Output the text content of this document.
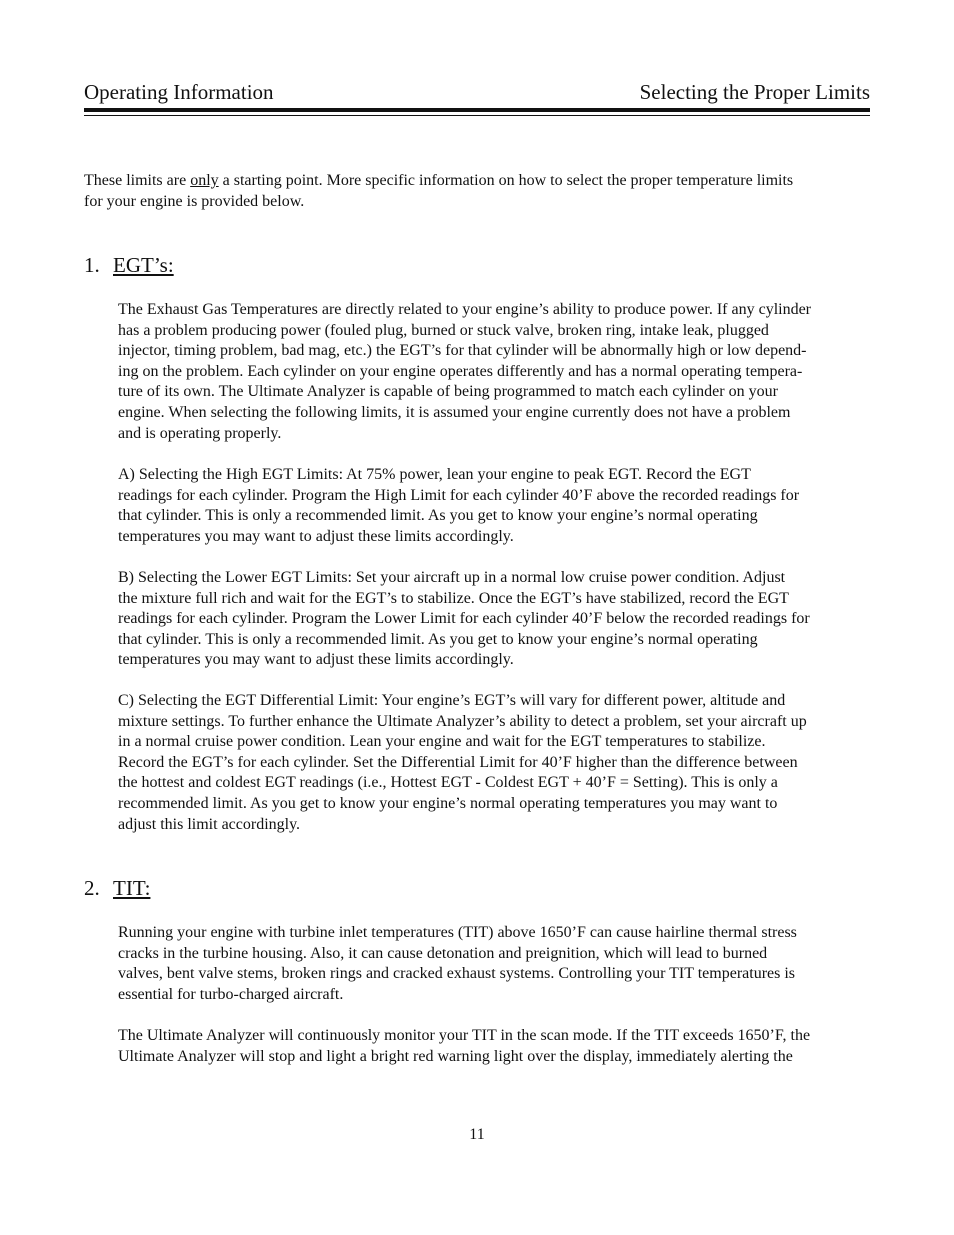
Operating Information	Selecting the Proper Limits
These limits are only a starting point. More specific information on how to select the proper temperature limits
for your engine is provided below.
1. EGT’s:
The Exhaust Gas Temperatures are directly related to your engine’s ability to produce power. If any cylinder
has a problem producing power (fouled plug, burned or stuck valve, broken ring, intake leak, plugged
injector, timing problem, bad mag, etc.) the EGT’s for that cylinder will be abnormally high or low depend-
ing on the problem. Each cylinder on your engine operates differently and has a normal operating tempera-
ture of its own. The Ultimate Analyzer is capable of being programmed to match each cylinder on your
engine. When selecting the following limits, it is assumed your engine currently does not have a problem
and is operating properly.
A) Selecting the High EGT Limits: At 75% power, lean your engine to peak EGT. Record the EGT
readings for each cylinder. Program the High Limit for each cylinder 40’F above the recorded readings for
that cylinder. This is only a recommended limit. As you get to know your engine’s normal operating
temperatures you may want to adjust these limits accordingly.
B) Selecting the Lower EGT Limits: Set your aircraft up in a normal low cruise power condition. Adjust
the mixture full rich and wait for the EGT’s to stabilize. Once the EGT’s have stabilized, record the EGT
readings for each cylinder. Program the Lower Limit for each cylinder 40’F below the recorded readings for
that cylinder. This is only a recommended limit. As you get to know your engine’s normal operating
temperatures you may want to adjust these limits accordingly.
C) Selecting the EGT Differential Limit: Your engine’s EGT’s will vary for different power, altitude and
mixture settings. To further enhance the Ultimate Analyzer’s ability to detect a problem, set your aircraft up
in a normal cruise power condition. Lean your engine and wait for the EGT temperatures to stabilize.
Record the EGT’s for each cylinder. Set the Differential Limit for 40’F higher than the difference between
the hottest and coldest EGT readings (i.e., Hottest EGT - Coldest EGT + 40’F = Setting). This is only a
recommended limit. As you get to know your engine’s normal operating temperatures you may want to
adjust this limit accordingly.
2. TIT:
Running your engine with turbine inlet temperatures (TIT) above 1650’F can cause hairline thermal stress
cracks in the turbine housing. Also, it can cause detonation and preignition, which will lead to burned
valves, bent valve stems, broken rings and cracked exhaust systems. Controlling your TIT temperatures is
essential for turbo-charged aircraft.
The Ultimate Analyzer will continuously monitor your TIT in the scan mode. If the TIT exceeds 1650’F, the
Ultimate Analyzer will stop and light a bright red warning light over the display, immediately alerting the
11
